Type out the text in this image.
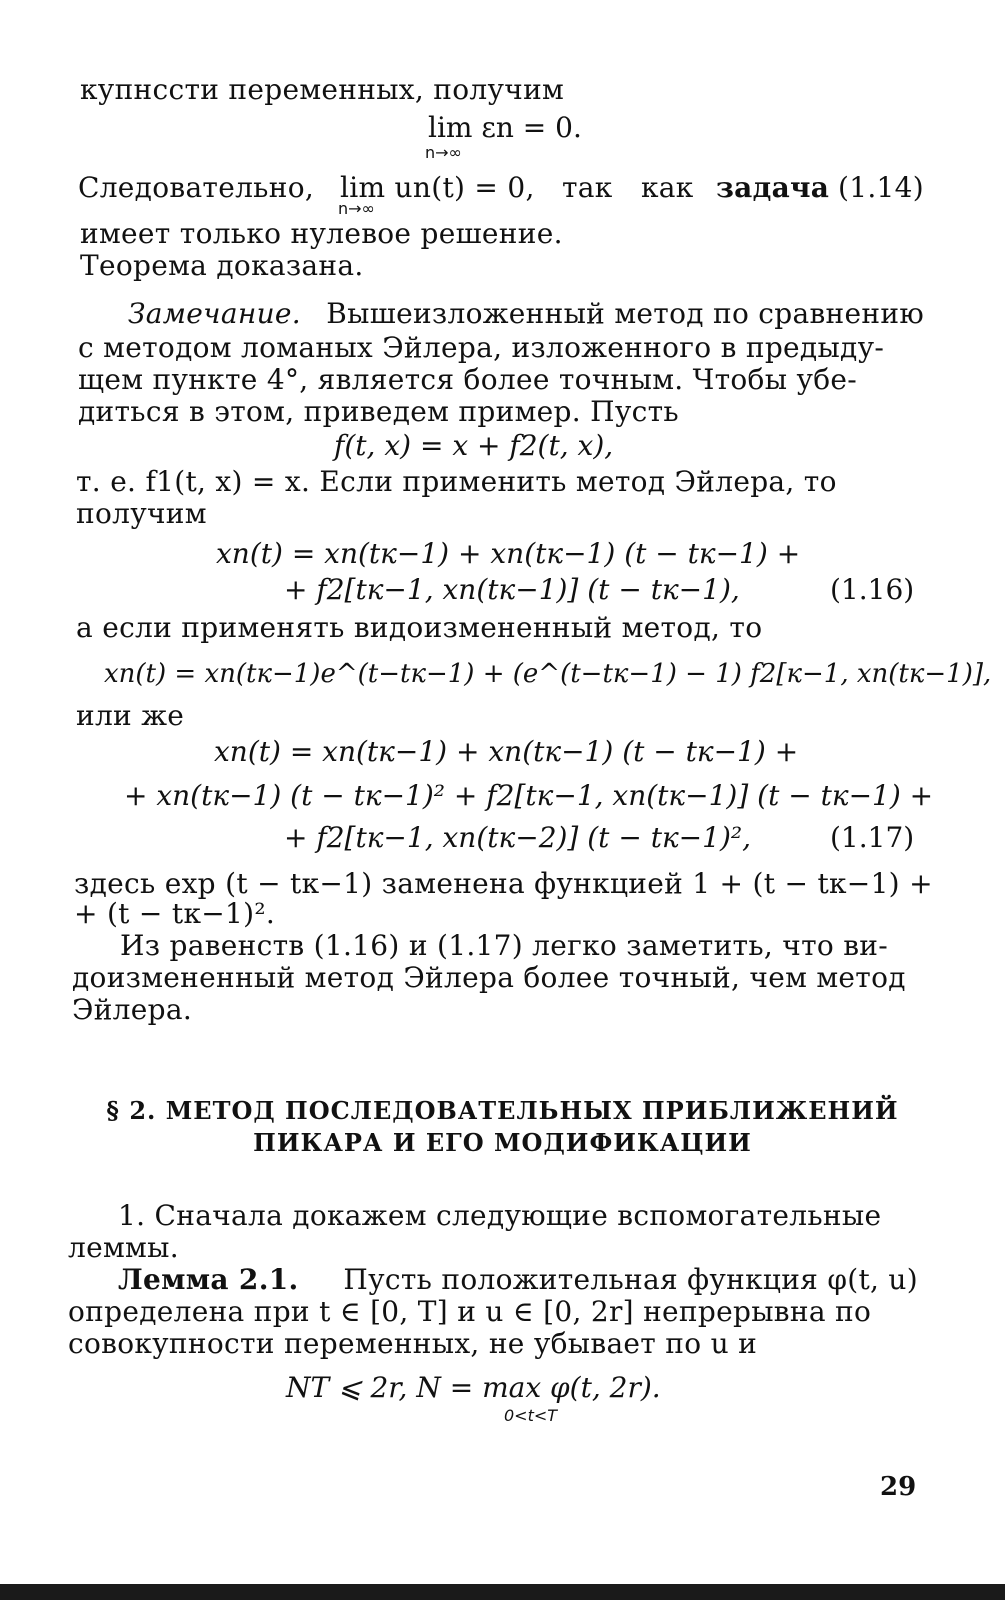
купнссти переменных, получим
lim εn = 0.
n→∞
Следовательно, lim un(t) = 0, так как задача (1.14)
n→∞
имеет только нулевое решение.
Теорема доказана.
Замечание. Вышеизложенный метод по сравнению
с методом ломаных Эйлера, изложенного в предыду-
щем пункте 4°, является более точным. Чтобы убе-
диться в этом, приведем пример. Пусть
f(t, x) = x + f2(t, x),
т. е. f1(t, x) = x. Если применить метод Эйлера, то
получим
xn(t) = xn(tк−1) + xn(tк−1) (t − tк−1) +
+ f2[tк−1, xn(tк−1)] (t − tк−1),	(1.16)
а если применять видоизмененный метод, то
xn(t) = xn(tк−1)e^(t−tк−1) + (e^(t−tк−1) − 1) f2[к−1, xn(tк−1)],
или же
xn(t) = xn(tк−1) + xn(tк−1) (t − tк−1) +
+ xn(tк−1) (t − tк−1)² + f2[tк−1, xn(tк−1)] (t − tк−1) +
+ f2[tк−1, xn(tк−2)] (t − tк−1)²,	(1.17)
здесь exp (t − tк−1) заменена функцией 1 + (t − tк−1) +
+ (t − tк−1)².
Из равенств (1.16) и (1.17) легко заметить, что ви-
доизмененный метод Эйлера более точный, чем метод
Эйлера.
§ 2. МЕТОД ПОСЛЕДОВАТЕЛЬНЫХ ПРИБЛИЖЕНИЙ
ПИКАРА И ЕГО МОДИФИКАЦИИ
1. Сначала докажем следующие вспомогательные
леммы.
Лемма 2.1. Пусть положительная функция φ(t, u)
определена при t ∈ [0, T] и u ∈ [0, 2r] непрерывна по
совокупности переменных, не убывает по u и
NT ⩽ 2r, N = max φ(t, 2r).
0<t<T
29
